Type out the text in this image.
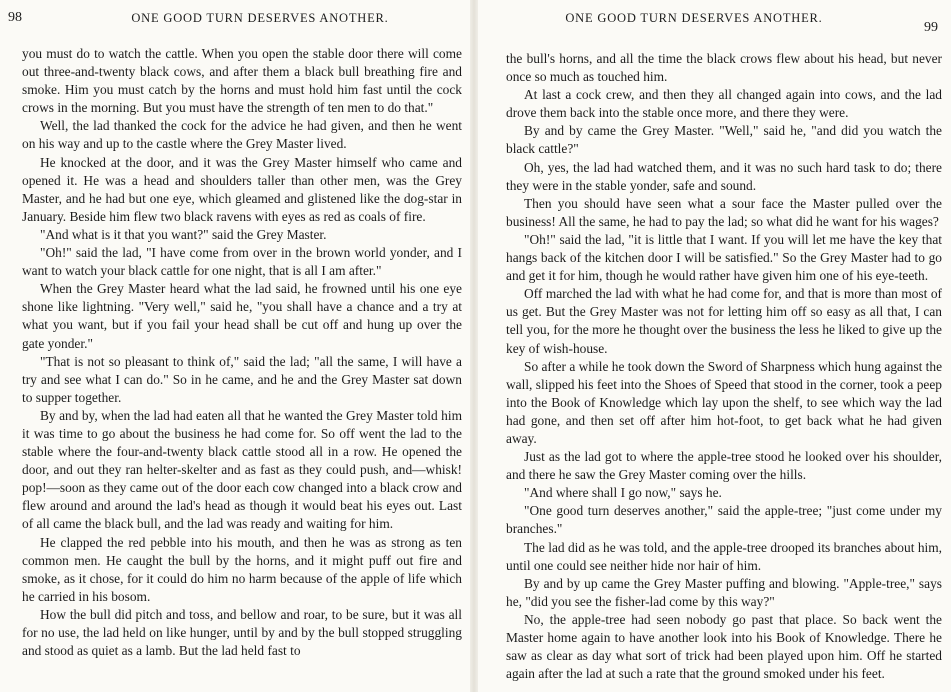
98	ONE GOOD TURN DESERVES ANOTHER.

you must do to watch the cattle. When you open the stable door there will come out three-and-twenty black cows, and after them a black bull breathing fire and smoke. Him you must catch by the horns and must hold him fast until the cock crows in the morning. But you must have the strength of ten men to do that."

Well, the lad thanked the cock for the advice he had given, and then he went on his way and up to the castle where the Grey Master lived.

He knocked at the door, and it was the Grey Master himself who came and opened it. He was a head and shoulders taller than other men, was the Grey Master, and he had but one eye, which gleamed and glistened like the dog-star in January. Beside him flew two black ravens with eyes as red as coals of fire.

"And what is it that you want?" said the Grey Master.

"Oh!" said the lad, "I have come from over in the brown world yonder, and I want to watch your black cattle for one night, that is all I am after."

When the Grey Master heard what the lad said, he frowned until his one eye shone like lightning. "Very well," said he, "you shall have a chance and a try at what you want, but if you fail your head shall be cut off and hung up over the gate yonder."

"That is not so pleasant to think of," said the lad; "all the same, I will have a try and see what I can do." So in he came, and he and the Grey Master sat down to supper together.

By and by, when the lad had eaten all that he wanted the Grey Master told him it was time to go about the business he had come for. So off went the lad to the stable where the four-and-twenty black cattle stood all in a row. He opened the door, and out they ran helter-skelter and as fast as they could push, and—whisk! pop!—soon as they came out of the door each cow changed into a black crow and flew around and around the lad's head as though it would beat his eyes out. Last of all came the black bull, and the lad was ready and waiting for him.

He clapped the red pebble into his mouth, and then he was as strong as ten common men. He caught the bull by the horns, and it might puff out fire and smoke, as it chose, for it could do him no harm because of the apple of life which he carried in his bosom.

How the bull did pitch and toss, and bellow and roar, to be sure, but it was all for no use, the lad held on like hunger, until by and by the bull stopped struggling and stood as quiet as a lamb. But the lad held fast to

ONE GOOD TURN DESERVES ANOTHER.
99

the bull's horns, and all the time the black crows flew about his head, but never once so much as touched him.

At last a cock crew, and then they all changed again into cows, and the lad drove them back into the stable once more, and there they were.

By and by came the Grey Master. "Well," said he, "and did you watch the black cattle?"

Oh, yes, the lad had watched them, and it was no such hard task to do; there they were in the stable yonder, safe and sound.

Then you should have seen what a sour face the Master pulled over the business! All the same, he had to pay the lad; so what did he want for his wages?

"Oh!" said the lad, "it is little that I want. If you will let me have the key that hangs back of the kitchen door I will be satisfied." So the Grey Master had to go and get it for him, though he would rather have given him one of his eye-teeth.

Off marched the lad with what he had come for, and that is more than most of us get. But the Grey Master was not for letting him off so easy as all that, I can tell you, for the more he thought over the business the less he liked to give up the key of wish-house.

So after a while he took down the Sword of Sharpness which hung against the wall, slipped his feet into the Shoes of Speed that stood in the corner, took a peep into the Book of Knowledge which lay upon the shelf, to see which way the lad had gone, and then set off after him hot-foot, to get back what he had given away.

Just as the lad got to where the apple-tree stood he looked over his shoulder, and there he saw the Grey Master coming over the hills.

"And where shall I go now," says he.

"One good turn deserves another," said the apple-tree; "just come under my branches."

The lad did as he was told, and the apple-tree drooped its branches about him, until one could see neither hide nor hair of him.

By and by up came the Grey Master puffing and blowing. "Apple-tree," says he, "did you see the fisher-lad come by this way?"

No, the apple-tree had seen nobody go past that place. So back went the Master home again to have another look into his Book of Knowledge. There he saw as clear as day what sort of trick had been played upon him. Off he started again after the lad at such a rate that the ground smoked under his feet.
